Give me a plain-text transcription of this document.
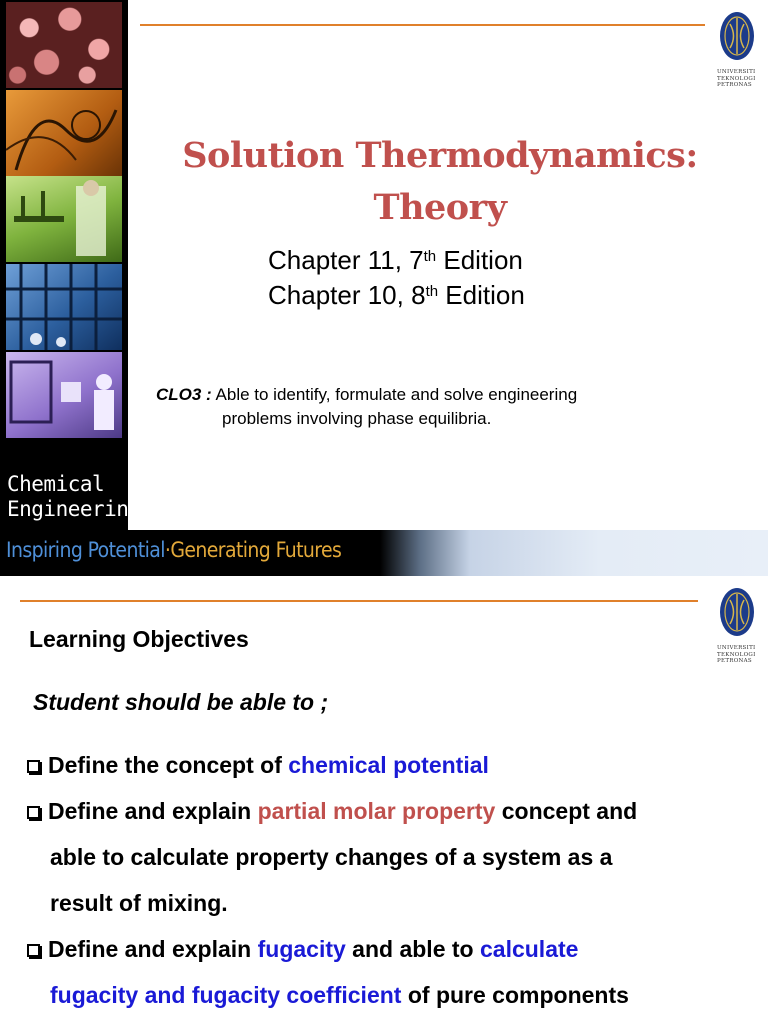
Chemical
Engineering
Inspiring Potential·Generating Futures
UNIVERSITI
TEKNOLOGI
PETRONAS
Solution Thermodynamics:
Theory
Chapter 11, 7th Edition
Chapter 10, 8th Edition
CLO3 : Able to identify, formulate and solve engineering
problems involving phase equilibria.
UNIVERSITI
TEKNOLOGI
PETRONAS
Learning Objectives
Student should be able to ;
Define the concept of chemical potential
Define and explain partial molar property concept and
able to calculate property changes of a system as a
result of mixing.
Define and explain fugacity and able to calculate
fugacity and fugacity coefficient of pure components
